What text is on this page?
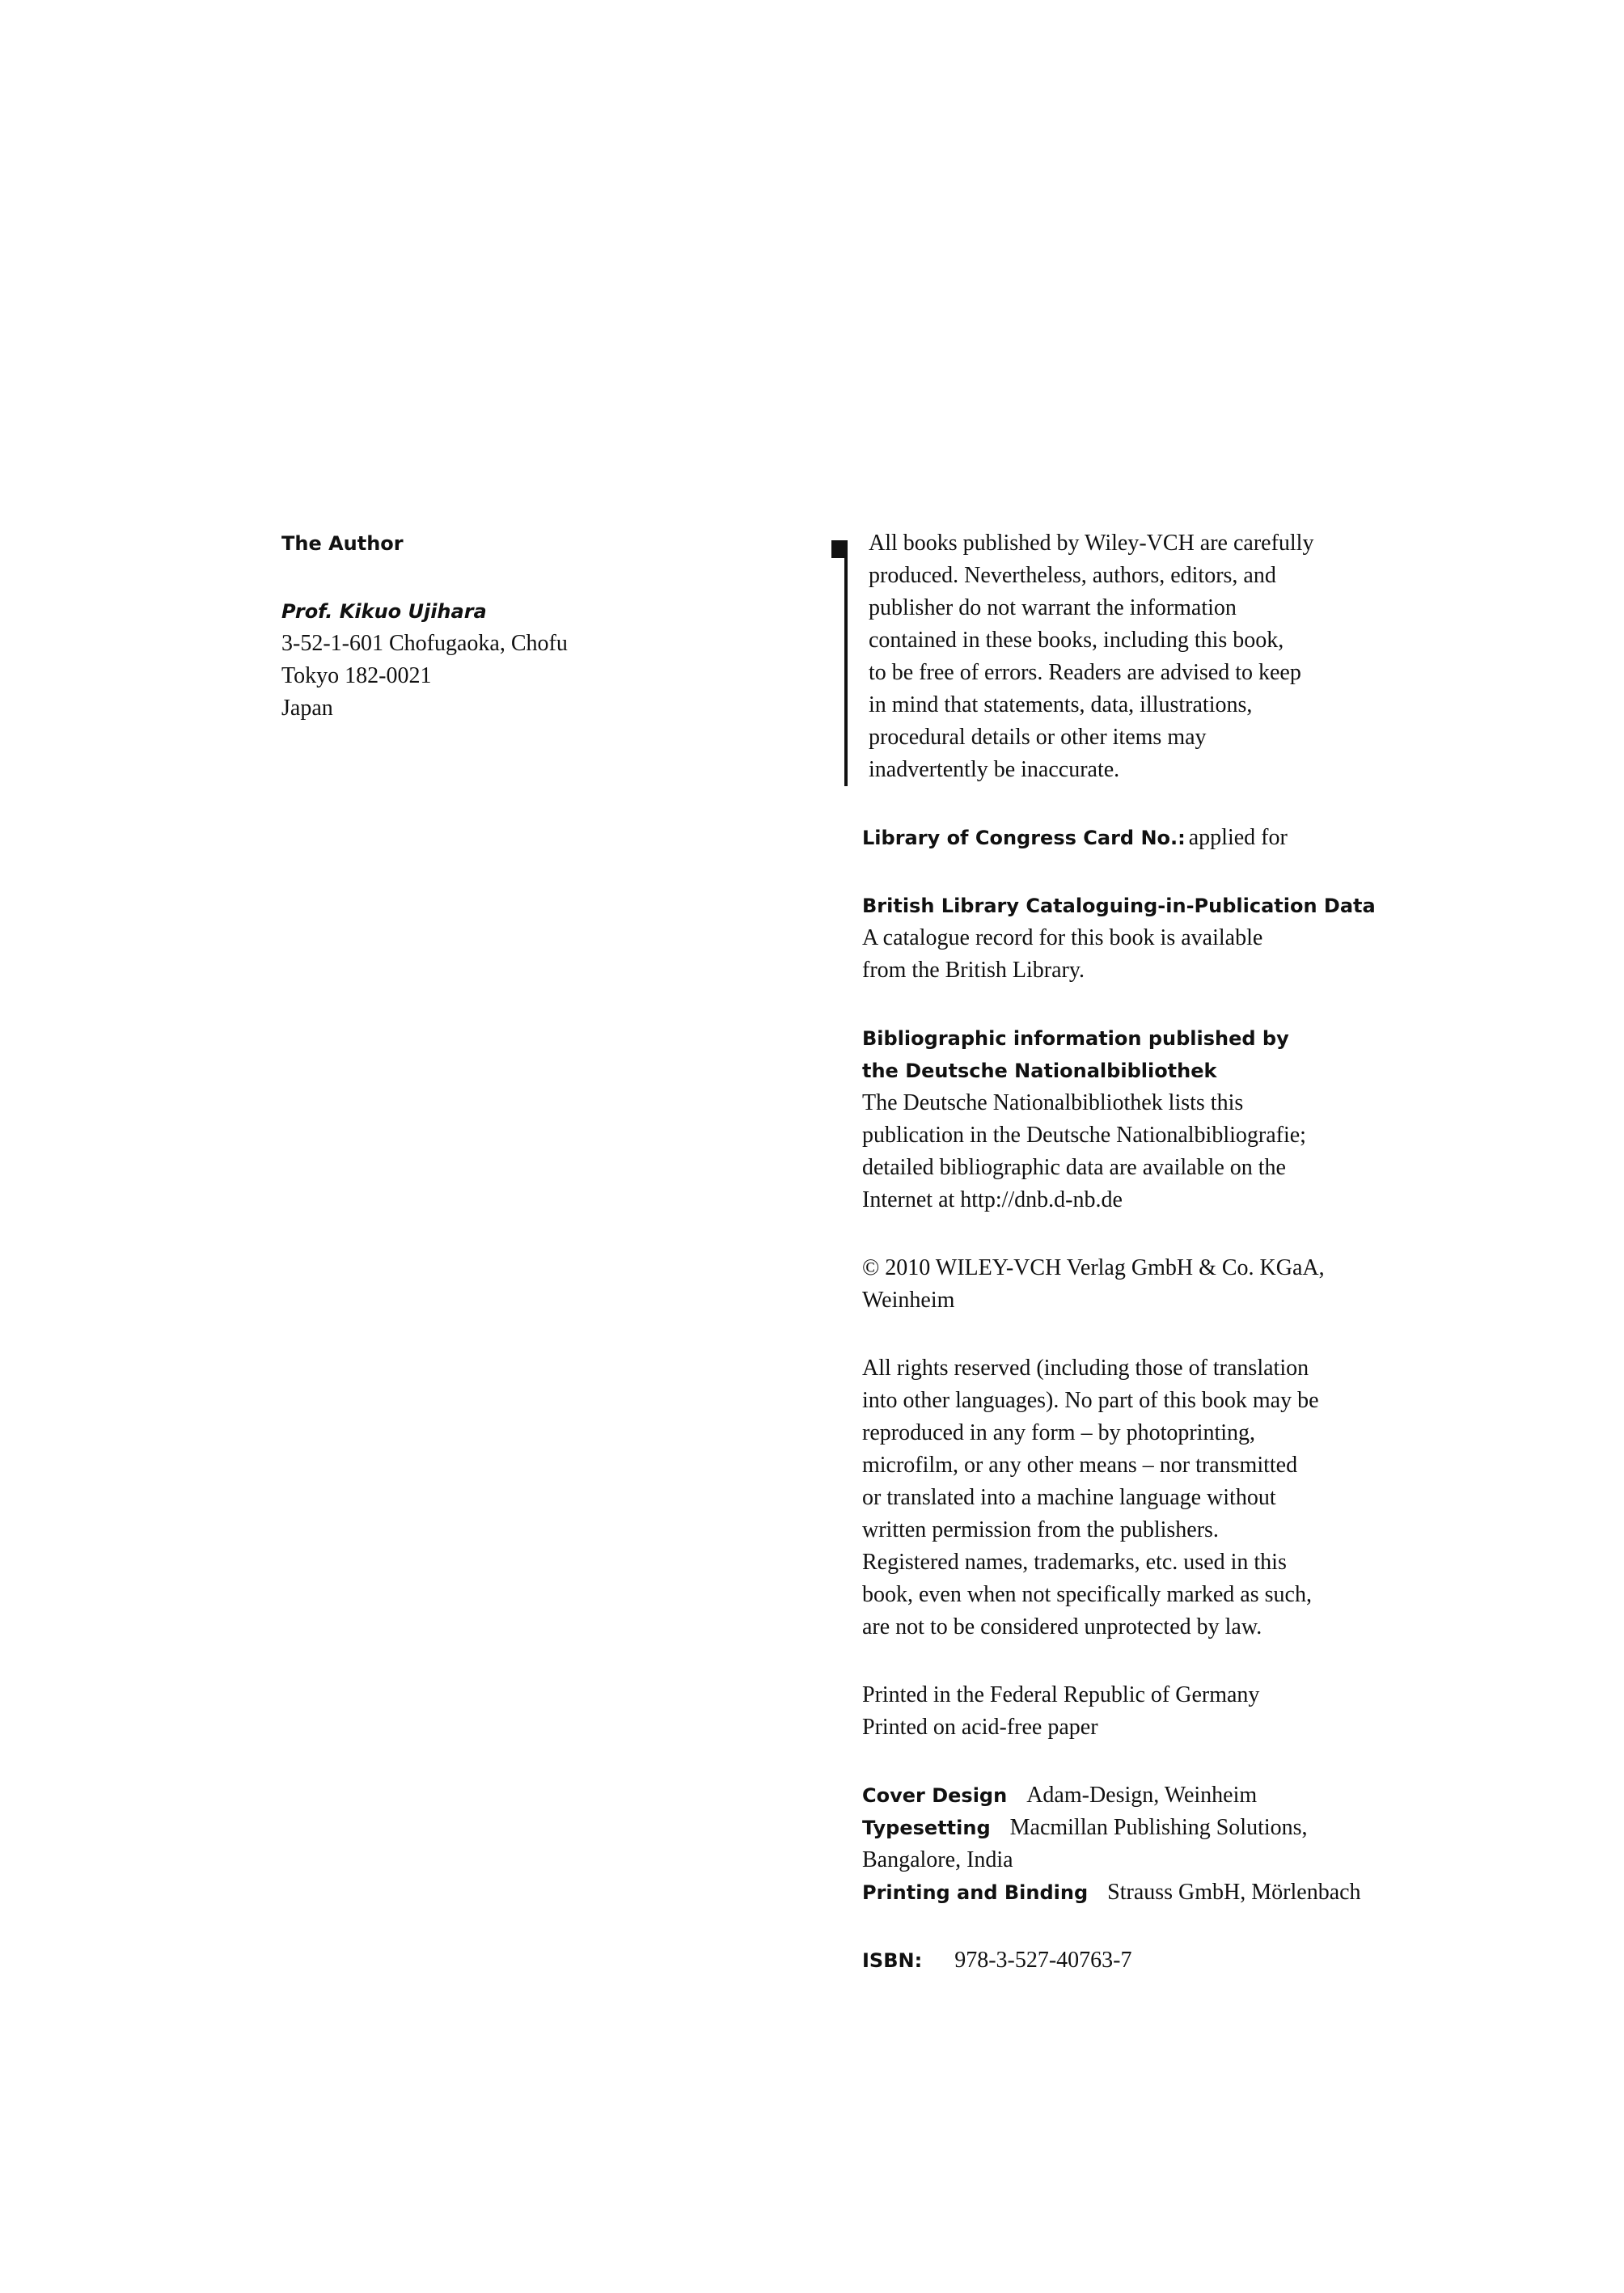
The Author
Prof. Kikuo Ujihara
3-52-1-601 Chofugaoka, Chofu
Tokyo 182-0021
Japan
All books published by Wiley-VCH are carefully
produced. Nevertheless, authors, editors, and
publisher do not warrant the information
contained in these books, including this book,
to be free of errors. Readers are advised to keep
in mind that statements, data, illustrations,
procedural details or other items may
inadvertently be inaccurate.
Library of Congress Card No.: applied for
British Library Cataloguing-in-Publication Data
A catalogue record for this book is available
from the British Library.
Bibliographic information published by
the Deutsche Nationalbibliothek
The Deutsche Nationalbibliothek lists this
publication in the Deutsche Nationalbibliografie;
detailed bibliographic data are available on the
Internet at http://dnb.d-nb.de
© 2010 WILEY-VCH Verlag GmbH & Co. KGaA,
Weinheim
All rights reserved (including those of translation
into other languages). No part of this book may be
reproduced in any form – by photoprinting,
microfilm, or any other means – nor transmitted
or translated into a machine language without
written permission from the publishers.
Registered names, trademarks, etc. used in this
book, even when not specifically marked as such,
are not to be considered unprotected by law.
Printed in the Federal Republic of Germany
Printed on acid-free paper
Cover Design Adam-Design, Weinheim
Typesetting Macmillan Publishing Solutions,
Bangalore, India
Printing and Binding Strauss GmbH, Mörlenbach
ISBN: 978-3-527-40763-7
